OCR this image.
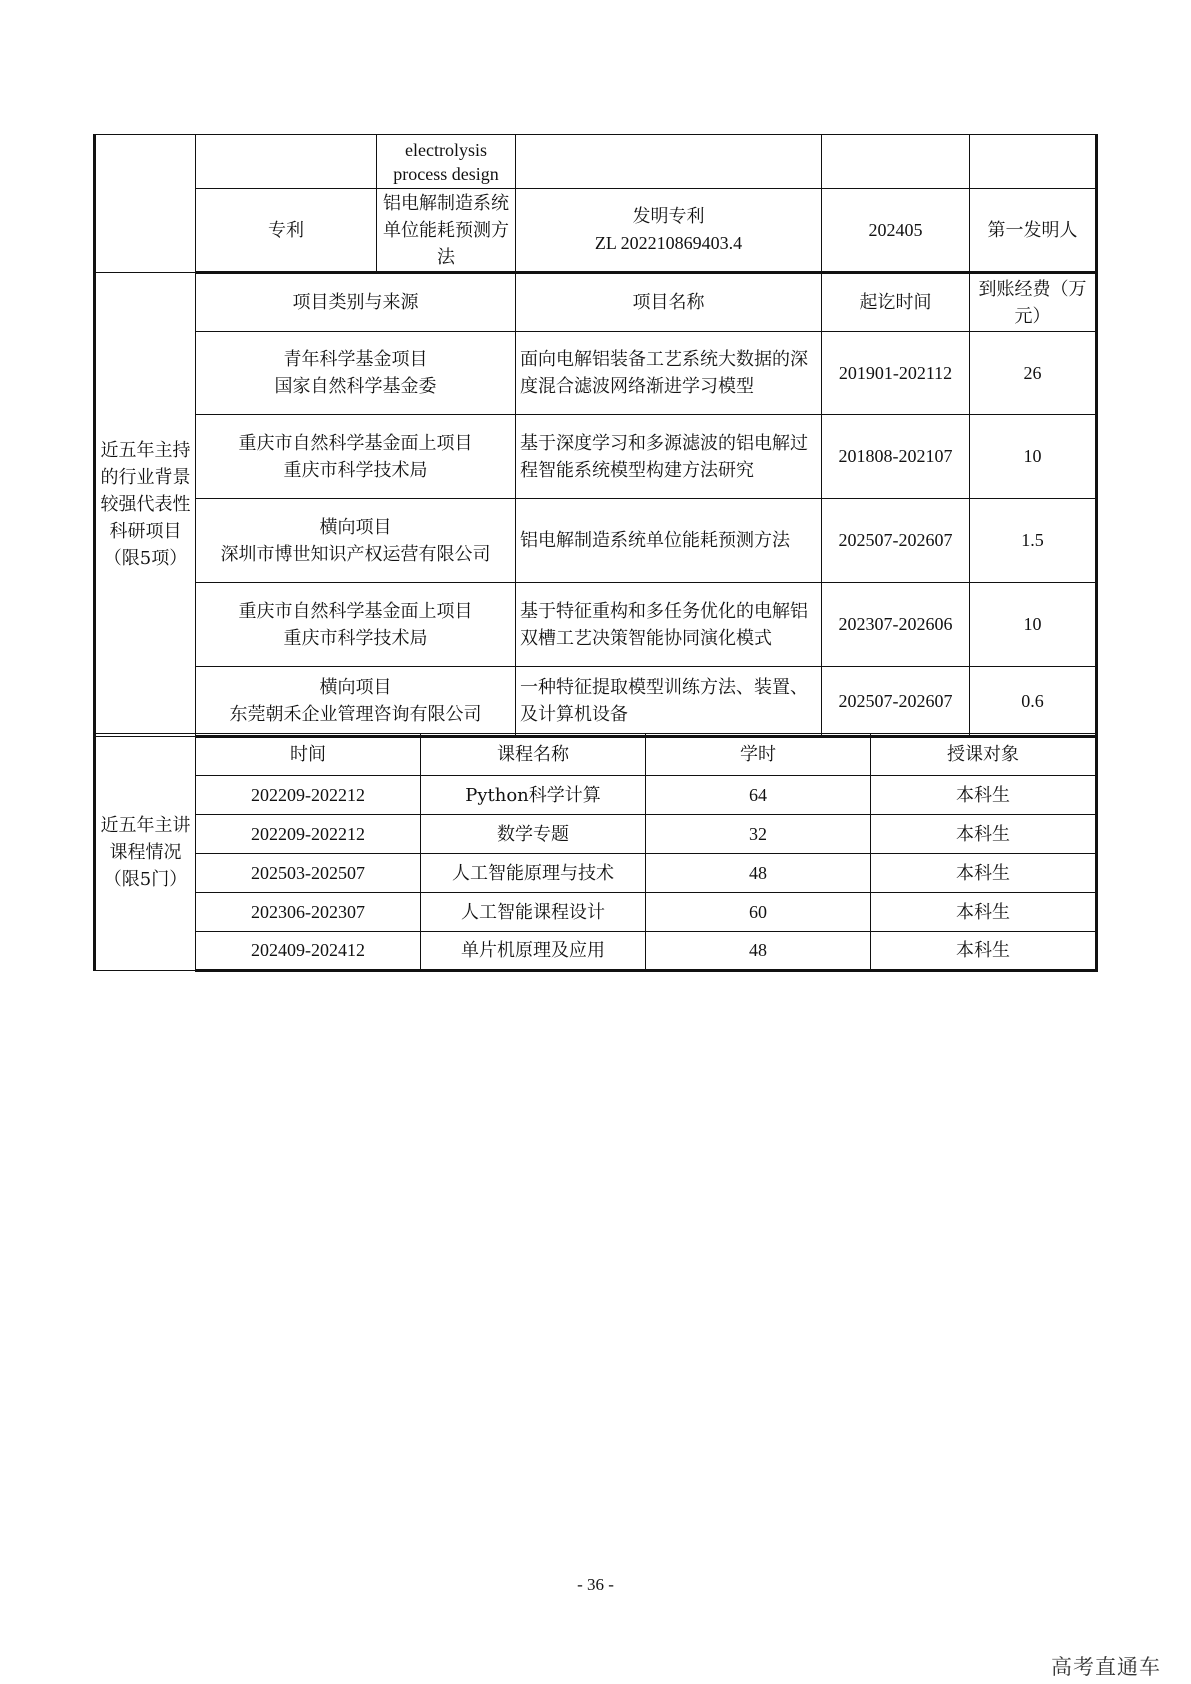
		electrolysis process design			
	专利	铝电解制造系统单位能耗预测方法	发明专利
ZL 202210869403.4	202405	第一发明人
近五年主持的行业背景较强代表性科研项目（限5项）	项目类别与来源		项目名称	起讫时间	到账经费（万元）

	青年科学基金项目
国家自然科学基金委		面向电解铝装备工艺系统大数据的深度混合滤波网络渐进学习模型	201901-202112	26

	重庆市自然科学基金面上项目
重庆市科学技术局		基于深度学习和多源滤波的铝电解过程智能系统模型构建方法研究	201808-202107	10

	横向项目
深圳市博世知识产权运营有限公司		铝电解制造系统单位能耗预测方法	202507-202607	1.5

	重庆市自然科学基金面上项目
重庆市科学技术局		基于特征重构和多任务优化的电解铝双槽工艺决策智能协同演化模式	202307-202606	10

	横向项目
东莞朝禾企业管理咨询有限公司		一种特征提取模型训练方法、装置、及计算机设备	202507-202607	0.6
近五年主讲课程情况（限5门）	时间	课程名称	学时	授课对象
	202209-202212	Python科学计算	64	本科生
	202209-202212	数学专题	32	本科生
	202503-202507	人工智能原理与技术	48	本科生
	202306-202307	人工智能课程设计	60	本科生
	202409-202412	单片机原理及应用	48	本科生
- 36 -
高考直通车
